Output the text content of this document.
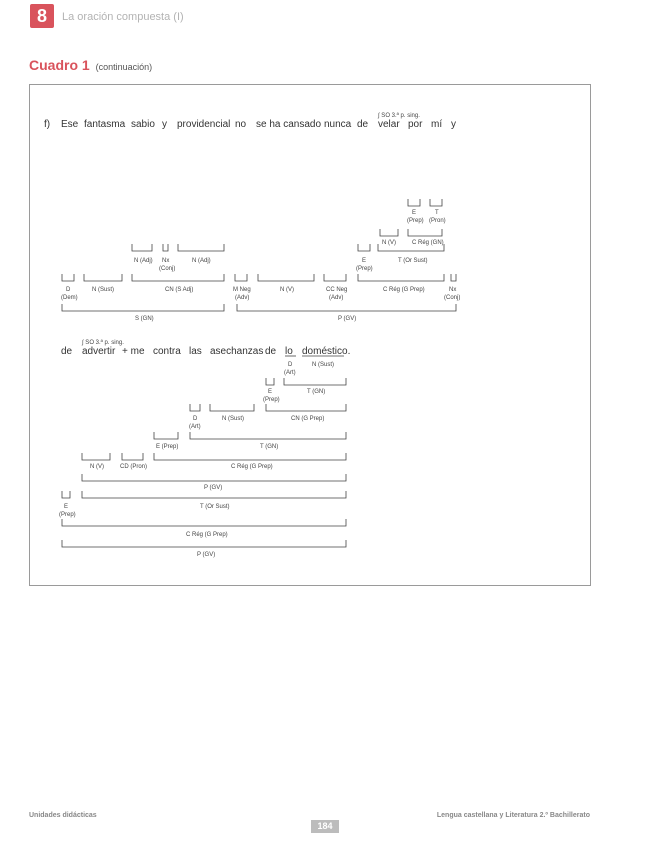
8	La oración compuesta (I)
Cuadro 1 (continuación)
∫ SO 3.ª p. sing.
∫ SO 3.ª p. sing.
f) Ese fantasma sabio y providencial no se ha cansado nunca de velar por mí y
E
(Prep)
T
(Pron)
N (V)	C Rég (GN)
N (Adj) Nx
(Conj)
N (Adj)	E
(Prep)
T (Or Sust)
D
(Dem)
N (Sust)	CN (S Adj)	M Neg
(Adv)
N (V)	CC Neg
(Adv)
C Rég (G Prep)	Nx
(Conj)
S (GN)	P (GV)
de advertir + me contra las asechanzas de lo doméstico.
D
(Art)
N (Sust)
E
(Prep)
T (GN)
D
(Art)
N (Sust)	CN (G Prep)
E (Prep)	T (GN)
N (V)	CD (Pron)	C Rég (G Prep)
P (GV)
E
(Prep)
T (Or Sust)
C Rég (G Prep)
P (GV)
Unidades didácticas	Lengua castellana y Literatura 2.º Bachillerato
184
